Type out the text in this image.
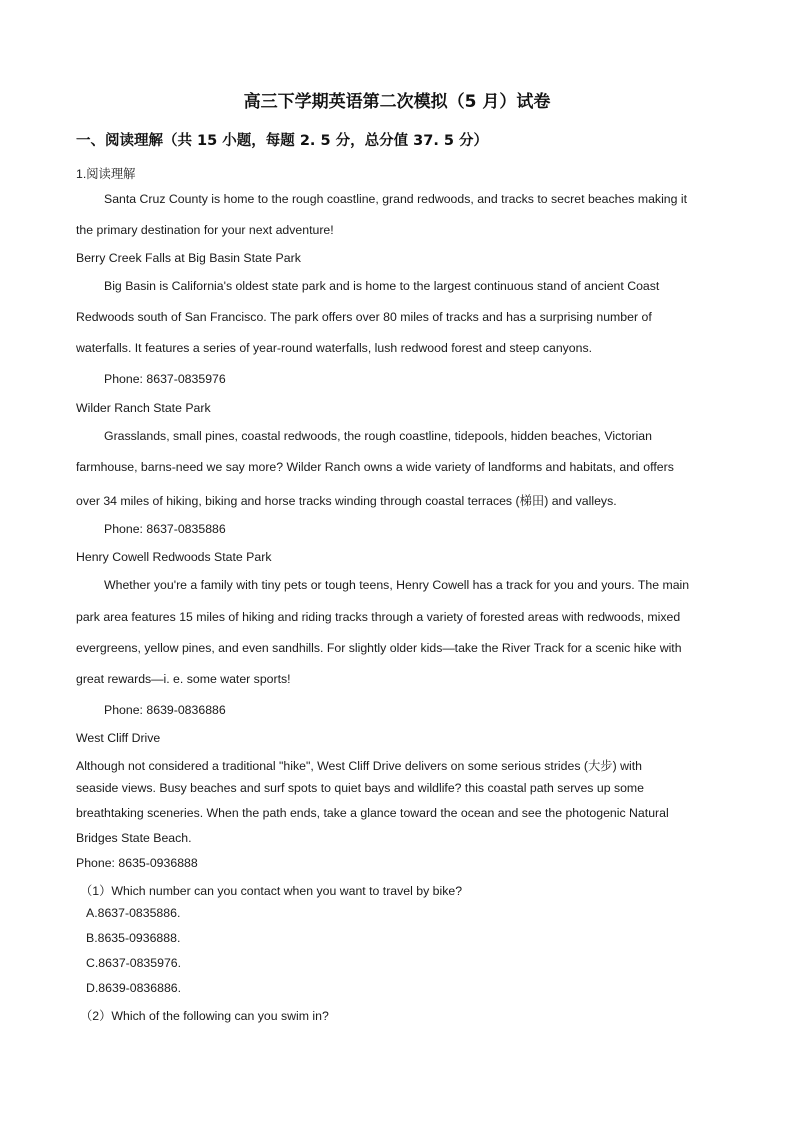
高三下学期英语第二次模拟（5 月）试卷
一、阅读理解（共 15 小题，每题 2. 5 分，总分值 37. 5 分）
1.阅读理解
Santa Cruz County is home to the rough coastline, grand redwoods, and tracks to secret beaches making it
the primary destination for your next adventure!
Berry Creek Falls at Big Basin State Park
Big Basin is California's oldest state park and is home to the largest continuous stand of ancient Coast
Redwoods south of San Francisco. The park offers over 80 miles of tracks and has a surprising number of
waterfalls. It features a series of year-round waterfalls, lush redwood forest and steep canyons.
Phone: 8637-0835976
Wilder Ranch State Park
Grasslands, small pines, coastal redwoods, the rough coastline, tidepools, hidden beaches, Victorian
farmhouse, barns-need we say more? Wilder Ranch owns a wide variety of landforms and habitats, and offers
over 34 miles of hiking, biking and horse tracks winding through coastal terraces (梯田) and valleys.
Phone: 8637-0835886
Henry Cowell Redwoods State Park
Whether you're a family with tiny pets or tough teens, Henry Cowell has a track for you and yours. The main
park area features 15 miles of hiking and riding tracks through a variety of forested areas with redwoods, mixed
evergreens, yellow pines, and even sandhills. For slightly older kids—take the River Track for a scenic hike with
great rewards—i. e. some water sports!
Phone: 8639-0836886
West Cliff Drive
Although not considered a traditional "hike", West Cliff Drive delivers on some serious strides (大步) with
seaside views. Busy beaches and surf spots to quiet bays and wildlife? this coastal path serves up some
breathtaking sceneries. When the path ends, take a glance toward the ocean and see the photogenic Natural
Bridges State Beach.
Phone: 8635-0936888
（1）Which number can you contact when you want to travel by bike?
A.8637-0835886.
B.8635-0936888.
C.8637-0835976.
D.8639-0836886.
（2）Which of the following can you swim in?
